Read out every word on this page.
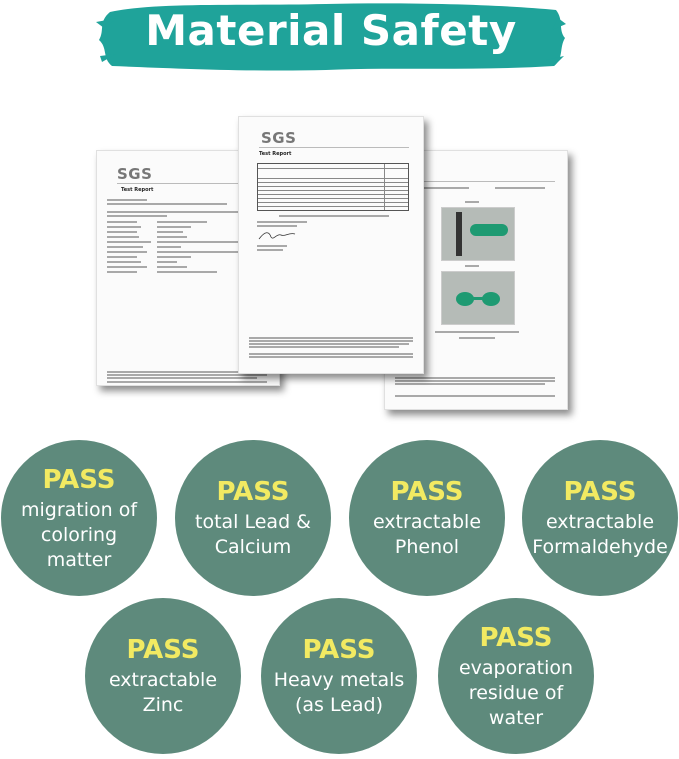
Material Safety
SGS
Test Report
SGS
Test Report
PASS
migration of
coloring
matter
PASS
total Lead &
Calcium
PASS
extractable
Phenol
PASS
extractable
Formaldehyde
PASS
extractable
Zinc
PASS
Heavy metals
(as Lead)
PASS
evaporation
residue of
water
